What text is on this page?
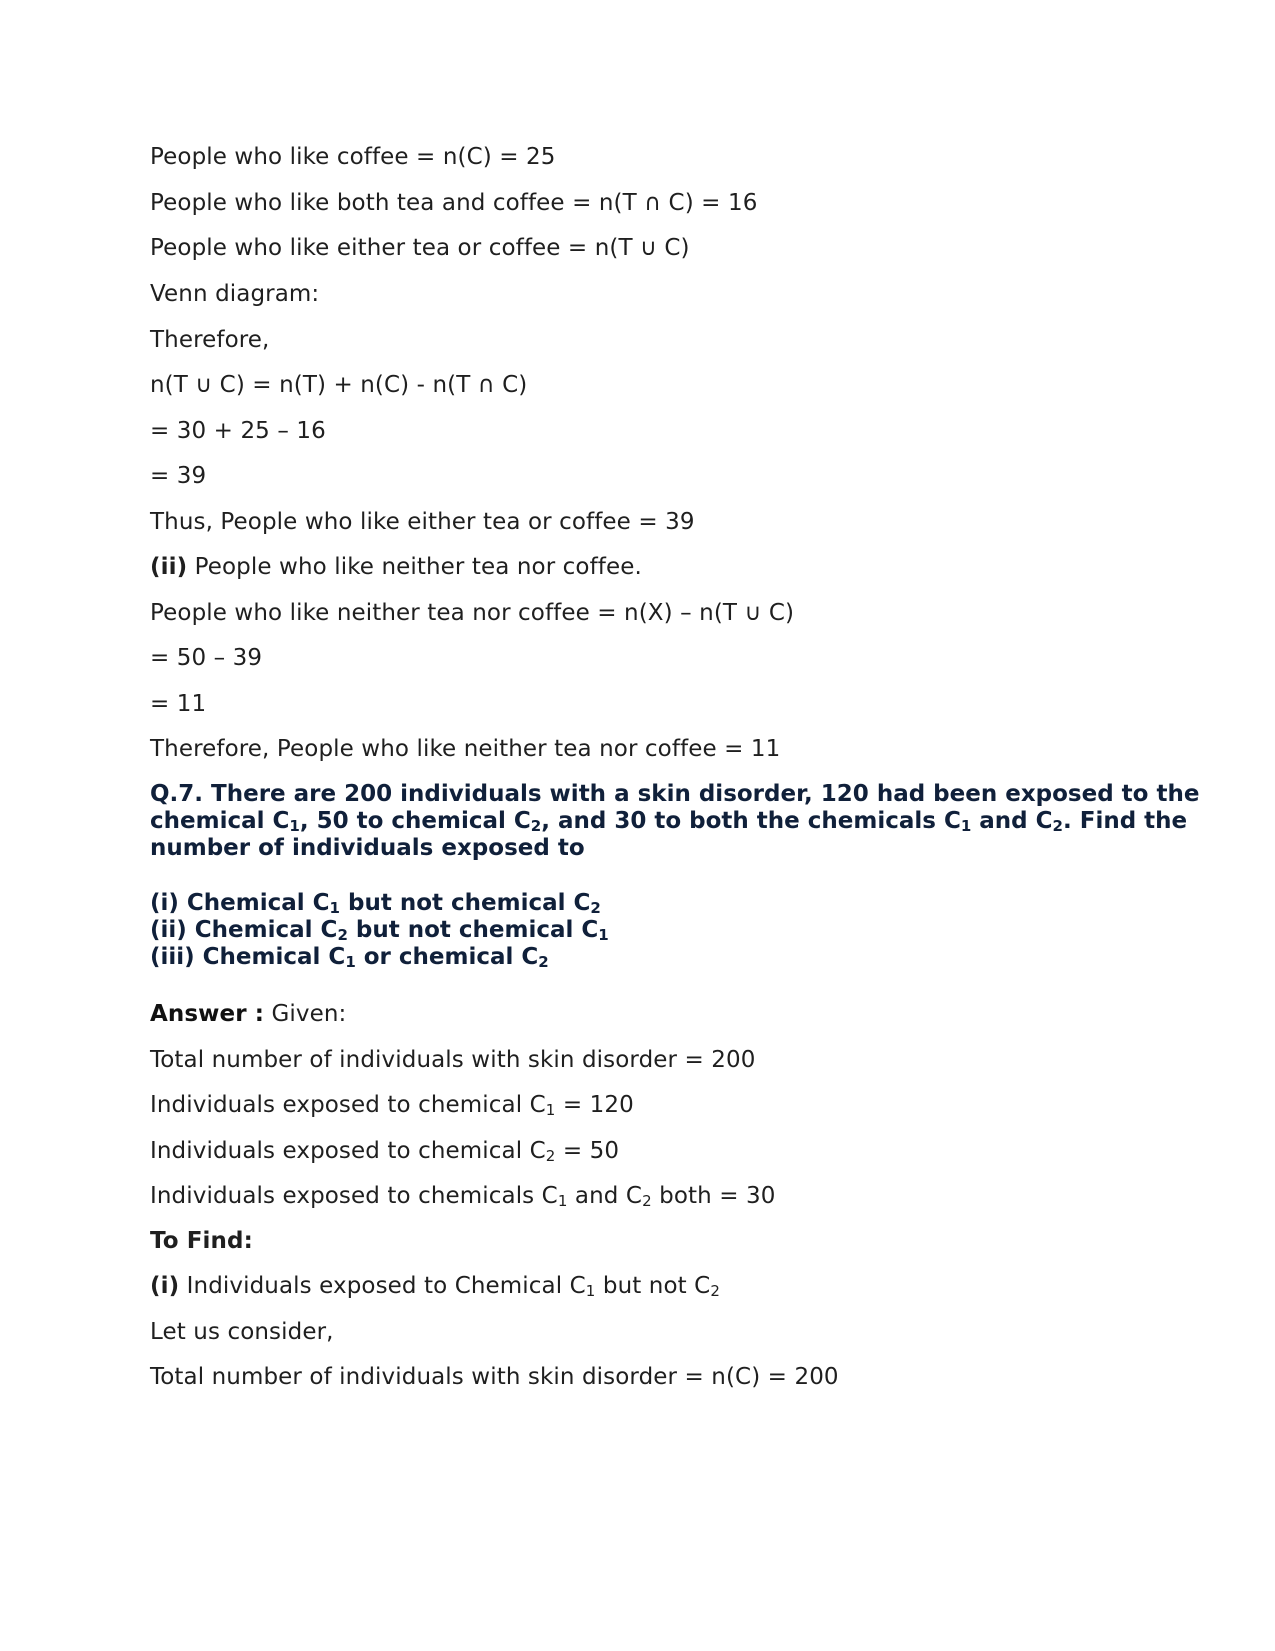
People who like coffee = n(C) = 25

People who like both tea and coffee = n(T ∩ C) = 16

People who like either tea or coffee = n(T ∪ C)

Venn diagram:

Therefore,

n(T ∪ C) = n(T) + n(C) - n(T ∩ C)

= 30 + 25 – 16

= 39

Thus, People who like either tea or coffee = 39

(ii) People who like neither tea nor coffee.

People who like neither tea nor coffee = n(X) – n(T ∪ C)

= 50 – 39

= 11

Therefore, People who like neither tea nor coffee = 11

Q.7. There are 200 individuals with a skin disorder, 120 had been exposed to the

chemical $C_1$, 50 to chemical $C_2$, and 30 to both the chemicals $C_1$ and $C_2$. Find the

number of individuals exposed to

(i) Chemical $C_1$ but not chemical $C_2$

(ii) Chemical $C_2$ but not chemical $C_1$

(iii) Chemical $C_1$ or chemical $C_2$

Answer : Given:

Total number of individuals with skin disorder = 200

Individuals exposed to chemical $C_1 = 120$

Individuals exposed to chemical $C_2 = 50$

Individuals exposed to chemicals $C_1$ and $C_2$ both = 30

To Find:

(i) Individuals exposed to Chemical $C_1$ but not $C_2$

Let us consider,

Total number of individuals with skin disorder = n(C) = 200
